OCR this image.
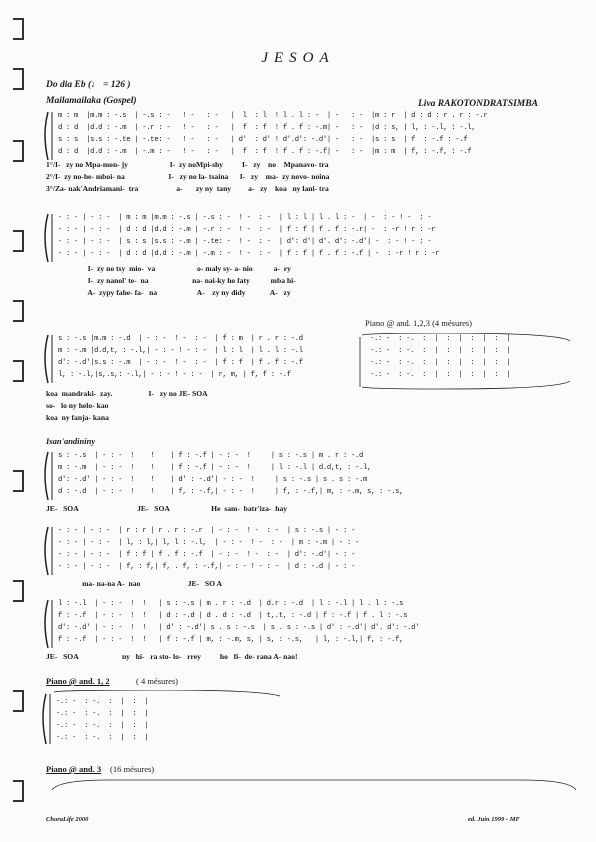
JESOA
Do dia Eb (♩ = 126 )
Mailamailaka (Gospel)	Liva RAKOTONDRATSIMBA
m : m  |m.m : -.s  | -.s : -   ! -   : -   |  l  : l  ! l . l : -  | -   : -  |m : r  | d : d : r . r : -.r
d : d  |d.d : -.m  | -.r : -   ! -   : -   |  f  : f  ! f . f : -.m| -   : -  |d : s, | l, : -.l, : -.l,
s : s  |s.s : -.te | -.te: -   ! -   : -   | d'  : d' ! d'.d': -.d'| -   : -  |s : s  | f  : -.f : -.f
d : d  |d.d : -.m  | -.m : -   ! -   : -   |  f  : f  ! f . f : -.f| -   : -  |m : m  | f, : -.f, : -.f
1°/I-   zy no Mpa-mon- jy                      I-  zy noMpi-shy          I-   zy    no    Mpanavo- tra
2°/I-  zy no-he- mboi- na                       I-   zy no la- tsaina      I-   zy    ma-  zy novo- noina
3°/Za- nak'Andriamani-  tra                    a-       zy ny  tany         a-   zy    koa   ny lani- tra
- : - | - : -  | m : m |m.m : -.s | -.s : -  ! -  : -  | l : l | l . l : -  | -  : - ! -  : -
- : - | - : -  | d : d |d.d : -.m | -.r : -  ! -  : -  | f : f | f . f : -.r| -  : -r ! r : -r
- : - | - : -  | s : s |s.s : -.m | -.te: -  ! -  : -  | d': d'| d'. d': -.d'| -  : - ! - : -
- : - | - : -  | d : d |d.d : -.m | -.m : -  ! -  : -  | f : f | f . f : -.f | -  : -r ! r : -r
I-  zy no tsy  mio-  va                      o- maly sy- a- nio           a-  ry
I-  zy nanol' te-  na                       na- nai-ky ho faty           mba hi-
A-  zypy fahe- fa-   na                     A-    zy ny didy             A-   zy
Piano @ and. 1,2,3 (4 mésures)
s : -.s |m.m : -.d  | - : -  ! -  : -  | f : m  | r . r : -.d
m : -.m |d.d,t, : -.l,| - : - ! - : -  | l : l  | l . l : -.l
d': -.d'|s.s : -.m  | - : -  ! -  : -  | f : f  | f . f : -.f
l, : -.l,|s,.s,: -.l,| - : - ! - : -  | r, m, | f, f : -.f
-.: -  : -.  :  |  :  |  :  |  :  |
-.: -  : -.  :  |  :  |  :  |  :  |
-.: -  : -.  :  |  :  |  :  |  :  |
-.: -  : -.  :  |  :  |  :  |  :  |
koa  mandraki-  zay.                   I-   zy no JE- SOA
so-   lo ny helo- kao
koa  ny fanja- kana
Isan'andininy
s : -.s  | - : -  !    !    | f : -.f | - : -  !     | s : -.s | m . r : -.d
m : -.m  | - : -  !    !    | f : -.f | - : -  !     | l : -.l | d.d,t, : -.l,
d': -.d' | - : -  !    !    | d' : -.d'| - : -  !     | s : -.s | s . s : -.m
d : -.d  | - : -  !    !    | f, : -.f,| - : -  !     | f, : -.f,| m, : -.m, s, : -.s,
JE-   SOA                               JE-   SOA                      He  sam-  batr'iza-  hay
- : - | - : -  | r : r | r . r : -.r  | - : -  ! -  : -  | s : -.s | - : -
- : - | - : -  | l, : l,| l, l : -.l,  | - : -  ! -  : -  | m : -.m | - : -
- : - | - : -  | f : f | f . f : -.f  | - : -  ! -  : -  | d': -.d'| - : -
- : - | - : -  | f, : f,| f, . f, : -.f,| - : - ! - : -  | d : -.d | - : -
ma- na-na A-  nao                         JE-   SO A
l : -.l  | - : -  !  !   | s : -.s | m . r : -.d  | d.r : -.d  | l : -.l | l . l : -.s
f : -.f  | - : -  !  !   | d : -.d | d . d : -.d  | t,.t, : -.d | f : -.f | f . l : -.s
d': -.d' | - : -  !  !   | d' : -.d'| s . s : -.s  | s . s : -.s | d' : -.d'| d'. d': -.d'
f : -.f  | - : -  !  !   | f : -.f | m, : -.m, s, | s, : -.s,   | l, : -.l,| f, : -.f,
JE-   SOA                       ny   hi-   ra sto- lo-   rrey          ho   fi-  de- rana A- nao!
Piano @ and. 1, 2	( 4 mésures)
-.: -  : -.  :  |  :  |
-.: -  : -.  :  |  :  |
-.: -  : -.  :  |  :  |
-.: -  : -.  :  |  :  |
Piano @ and. 3 (16 mésures)
ChoraLife 2000	ed. Juin 1999 - MF
